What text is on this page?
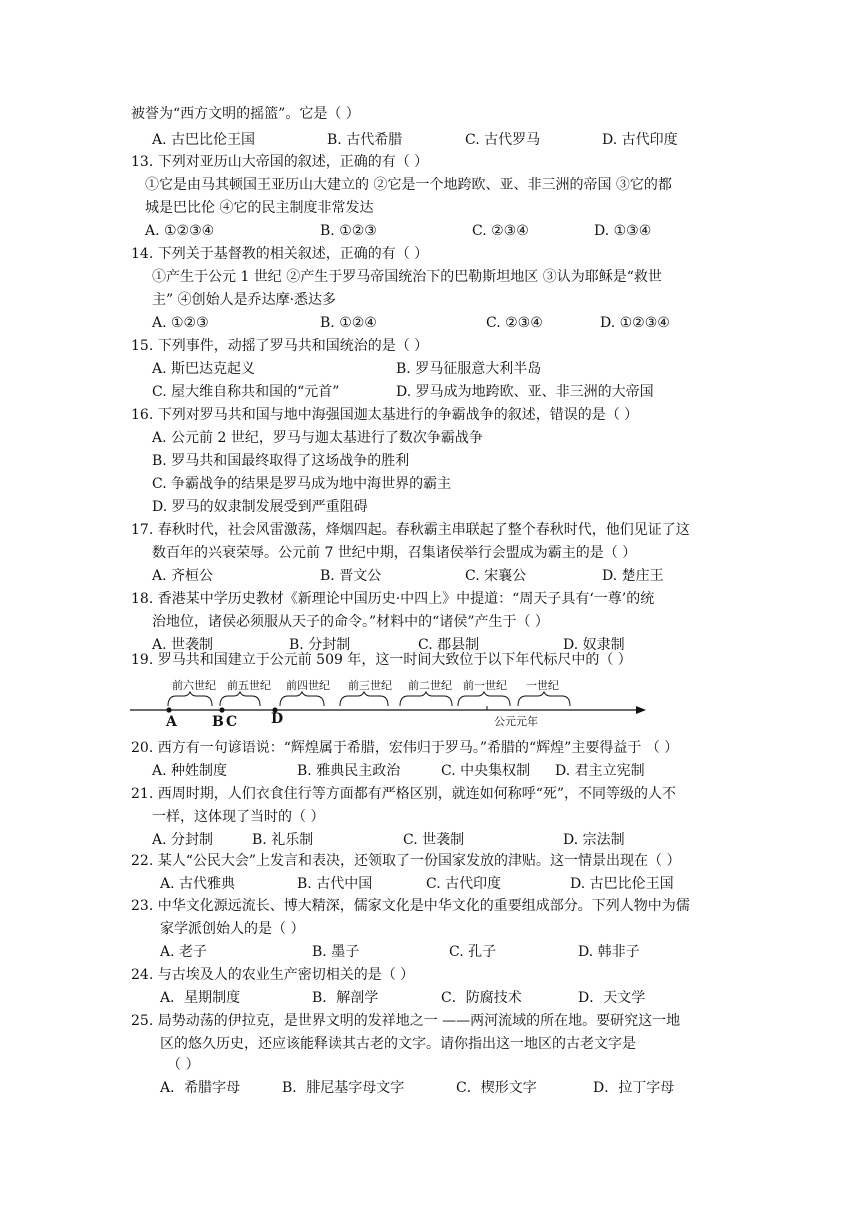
被誉为“西方文明的摇篮”。它是（ ）
A. 古巴比伦王国	B. 古代希腊	C. 古代罗马	D. 古代印度
13. 下列对亚历山大帝国的叙述，正确的有（ ）
①它是由马其顿国王亚历山大建立的 ②它是一个地跨欧、亚、非三洲的帝国 ③它的都
城是巴比伦 ④它的民主制度非常发达
A. ①②③④	B. ①②③	C. ②③④	D. ①③④
14. 下列关于基督教的相关叙述，正确的有（ ）
①产生于公元 1 世纪 ②产生于罗马帝国统治下的巴勒斯坦地区 ③认为耶稣是“救世
主” ④创始人是乔达摩·悉达多
A. ①②③	B. ①②④	C. ②③④	D. ①②③④
15. 下列事件，动摇了罗马共和国统治的是（ ）
A. 斯巴达克起义	B. 罗马征服意大利半岛
C. 屋大维自称共和国的“元首”	D. 罗马成为地跨欧、亚、非三洲的大帝国
16. 下列对罗马共和国与地中海强国迦太基进行的争霸战争的叙述，错误的是（ ）
A. 公元前 2 世纪，罗马与迦太基进行了数次争霸战争
B. 罗马共和国最终取得了这场战争的胜利
C. 争霸战争的结果是罗马成为地中海世界的霸主
D. 罗马的奴隶制发展受到严重阻碍
17. 春秋时代，社会风雷激荡，烽烟四起。春秋霸主串联起了整个春秋时代，他们见证了这
数百年的兴衰荣辱。公元前 7 世纪中期，召集诸侯举行会盟成为霸主的是（ ）
A. 齐桓公	B. 晋文公	C. 宋襄公	D. 楚庄王
18. 香港某中学历史教材《新理论中国历史·中四上》中提道：“周天子具有‘一尊’的统
治地位，诸侯必须服从天子的命令。”材料中的“诸侯”产生于（ ）
A. 世袭制	B. 分封制	C. 郡县制	D. 奴隶制
19. 罗马共和国建立于公元前 509 年，这一时间大致位于以下年代标尺中的（ ）
前六世纪 前五世纪 前四世纪 前三世纪 前二世纪 前一世纪 一世纪
A	B C D	公元元年
20. 西方有一句谚语说：“辉煌属于希腊，宏伟归于罗马。”希腊的“辉煌”主要得益于 （ ）
A. 种姓制度	B. 雅典民主政治	C. 中央集权制 D. 君主立宪制
21. 西周时期，人们衣食住行等方面都有严格区别，就连如何称呼“死”，不同等级的人不
一样，这体现了当时的（ ）
A. 分封制	B. 礼乐制	C. 世袭制	D. 宗法制
22. 某人“公民大会”上发言和表决，还领取了一份国家发放的津贴。这一情景出现在（ ）
A. 古代雅典	B. 古代中国	C. 古代印度	D. 古巴比伦王国
23. 中华文化源远流长、博大精深，儒家文化是中华文化的重要组成部分。下列人物中为儒
家学派创始人的是（ ）
A. 老子	B. 墨子	C. 孔子	D. 韩非子
24. 与古埃及人的农业生产密切相关的是（ ）
A．星期制度	B．解剖学	C．防腐技术	D．天文学
25. 局势动荡的伊拉克，是世界文明的发祥地之一 ——两河流域的所在地。要研究这一地
区的悠久历史，还应该能释读其古老的文字。请你指出这一地区的古老文字是
（ ）
A．希腊字母	B．腓尼基字母文字	C．楔形文字	D．拉丁字母
